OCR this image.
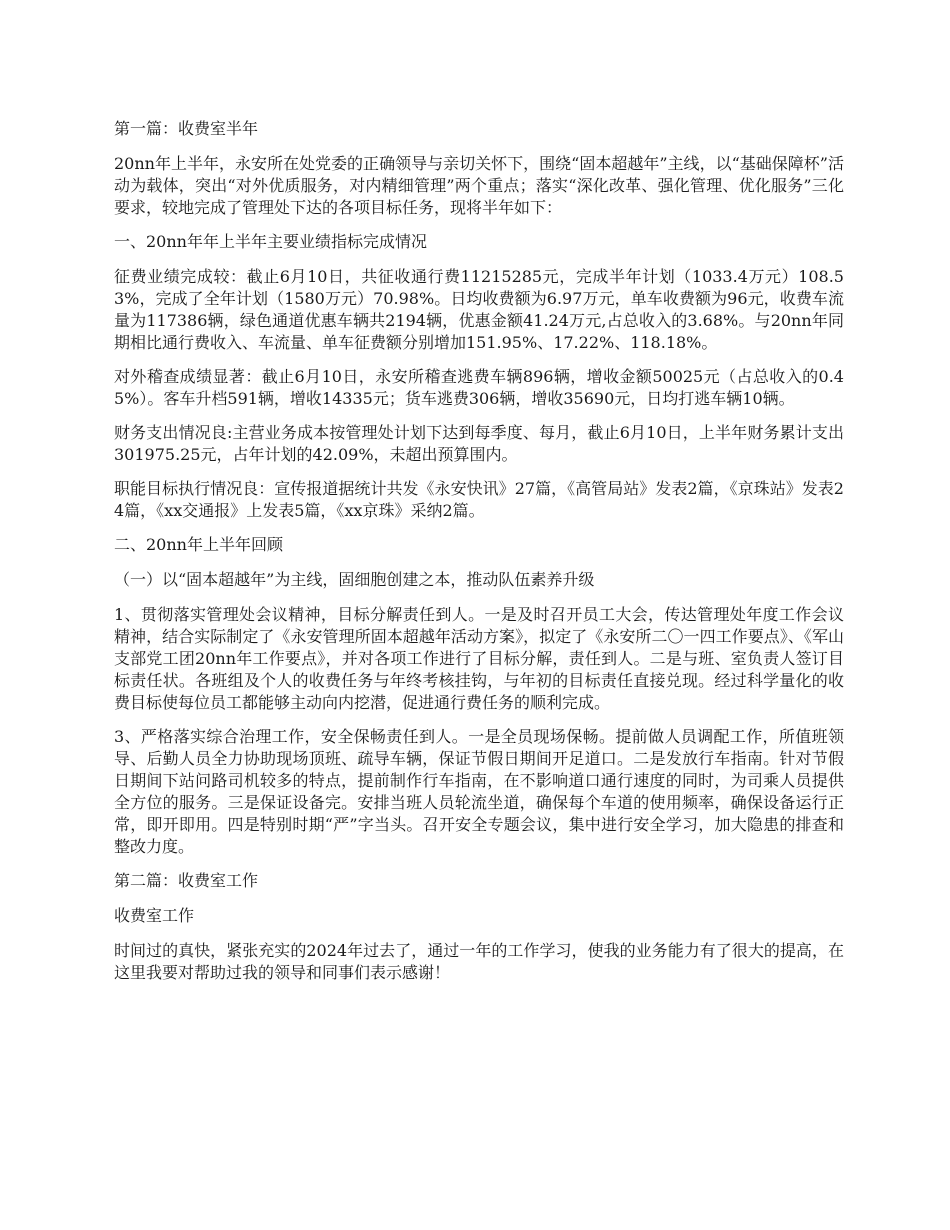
第一篇：收费室半年

20nn年上半年，永安所在处党委的正确领导与亲切关怀下，围绕“固本超越年”主线，以“基础保障杯”活动为载体，突出“对外优质服务，对内精细管理”两个重点；落实“深化改革、强化管理、优化服务”三化要求，较地完成了管理处下达的各项目标任务，现将半年如下：

一、20nn年年上半年主要业绩指标完成情况

征费业绩完成较：截止6月10日，共征收通行费11215285元，完成半年计划（1033.4万元）108.53%，完成了全年计划（1580万元）70.98%。日均收费额为6.97万元，单车收费额为96元，收费车流量为117386辆，绿色通道优惠车辆共2194辆，优惠金额41.24万元,占总收入的3.68%。与20nn年同期相比通行费收入、车流量、单车征费额分别增加151.95%、17.22%、118.18%。

对外稽查成绩显著：截止6月10日，永安所稽查逃费车辆896辆，增收金额50025元（占总收入的0.45%）。客车升档591辆，增收14335元；货车逃费306辆，增收35690元，日均打逃车辆10辆。

财务支出情况良:主营业务成本按管理处计划下达到每季度、每月，截止6月10日，上半年财务累计支出301975.25元，占年计划的42.09%，未超出预算围内。

职能目标执行情况良：宣传报道据统计共发《永安快讯》27篇，《高管局站》发表2篇，《京珠站》发表24篇，《xx交通报》上发表5篇，《xx京珠》采纳2篇。

二、20nn年上半年回顾

（一）以“固本超越年”为主线，固细胞创建之本，推动队伍素养升级

1、贯彻落实管理处会议精神，目标分解责任到人。一是及时召开员工大会，传达管理处年度工作会议精神，结合实际制定了《永安管理所固本超越年活动方案》，拟定了《永安所二〇一四工作要点》、《军山支部党工团20nn年工作要点》，并对各项工作进行了目标分解，责任到人。二是与班、室负责人签订目标责任状。各班组及个人的收费任务与年终考核挂钩，与年初的目标责任直接兑现。经过科学量化的收费目标使每位员工都能够主动向内挖潜，促进通行费任务的顺利完成。

3、严格落实综合治理工作，安全保畅责任到人。一是全员现场保畅。提前做人员调配工作，所值班领导、后勤人员全力协助现场顶班、疏导车辆，保证节假日期间开足道口。二是发放行车指南。针对节假日期间下站问路司机较多的特点，提前制作行车指南，在不影响道口通行速度的同时，为司乘人员提供全方位的服务。三是保证设备完。安排当班人员轮流坐道，确保每个车道的使用频率，确保设备运行正常，即开即用。四是特别时期“严”字当头。召开安全专题会议，集中进行安全学习，加大隐患的排查和整改力度。

第二篇：收费室工作

收费室工作

时间过的真快，紧张充实的2024年过去了，通过一年的工作学习，使我的业务能力有了很大的提高，在这里我要对帮助过我的领导和同事们表示感谢！
